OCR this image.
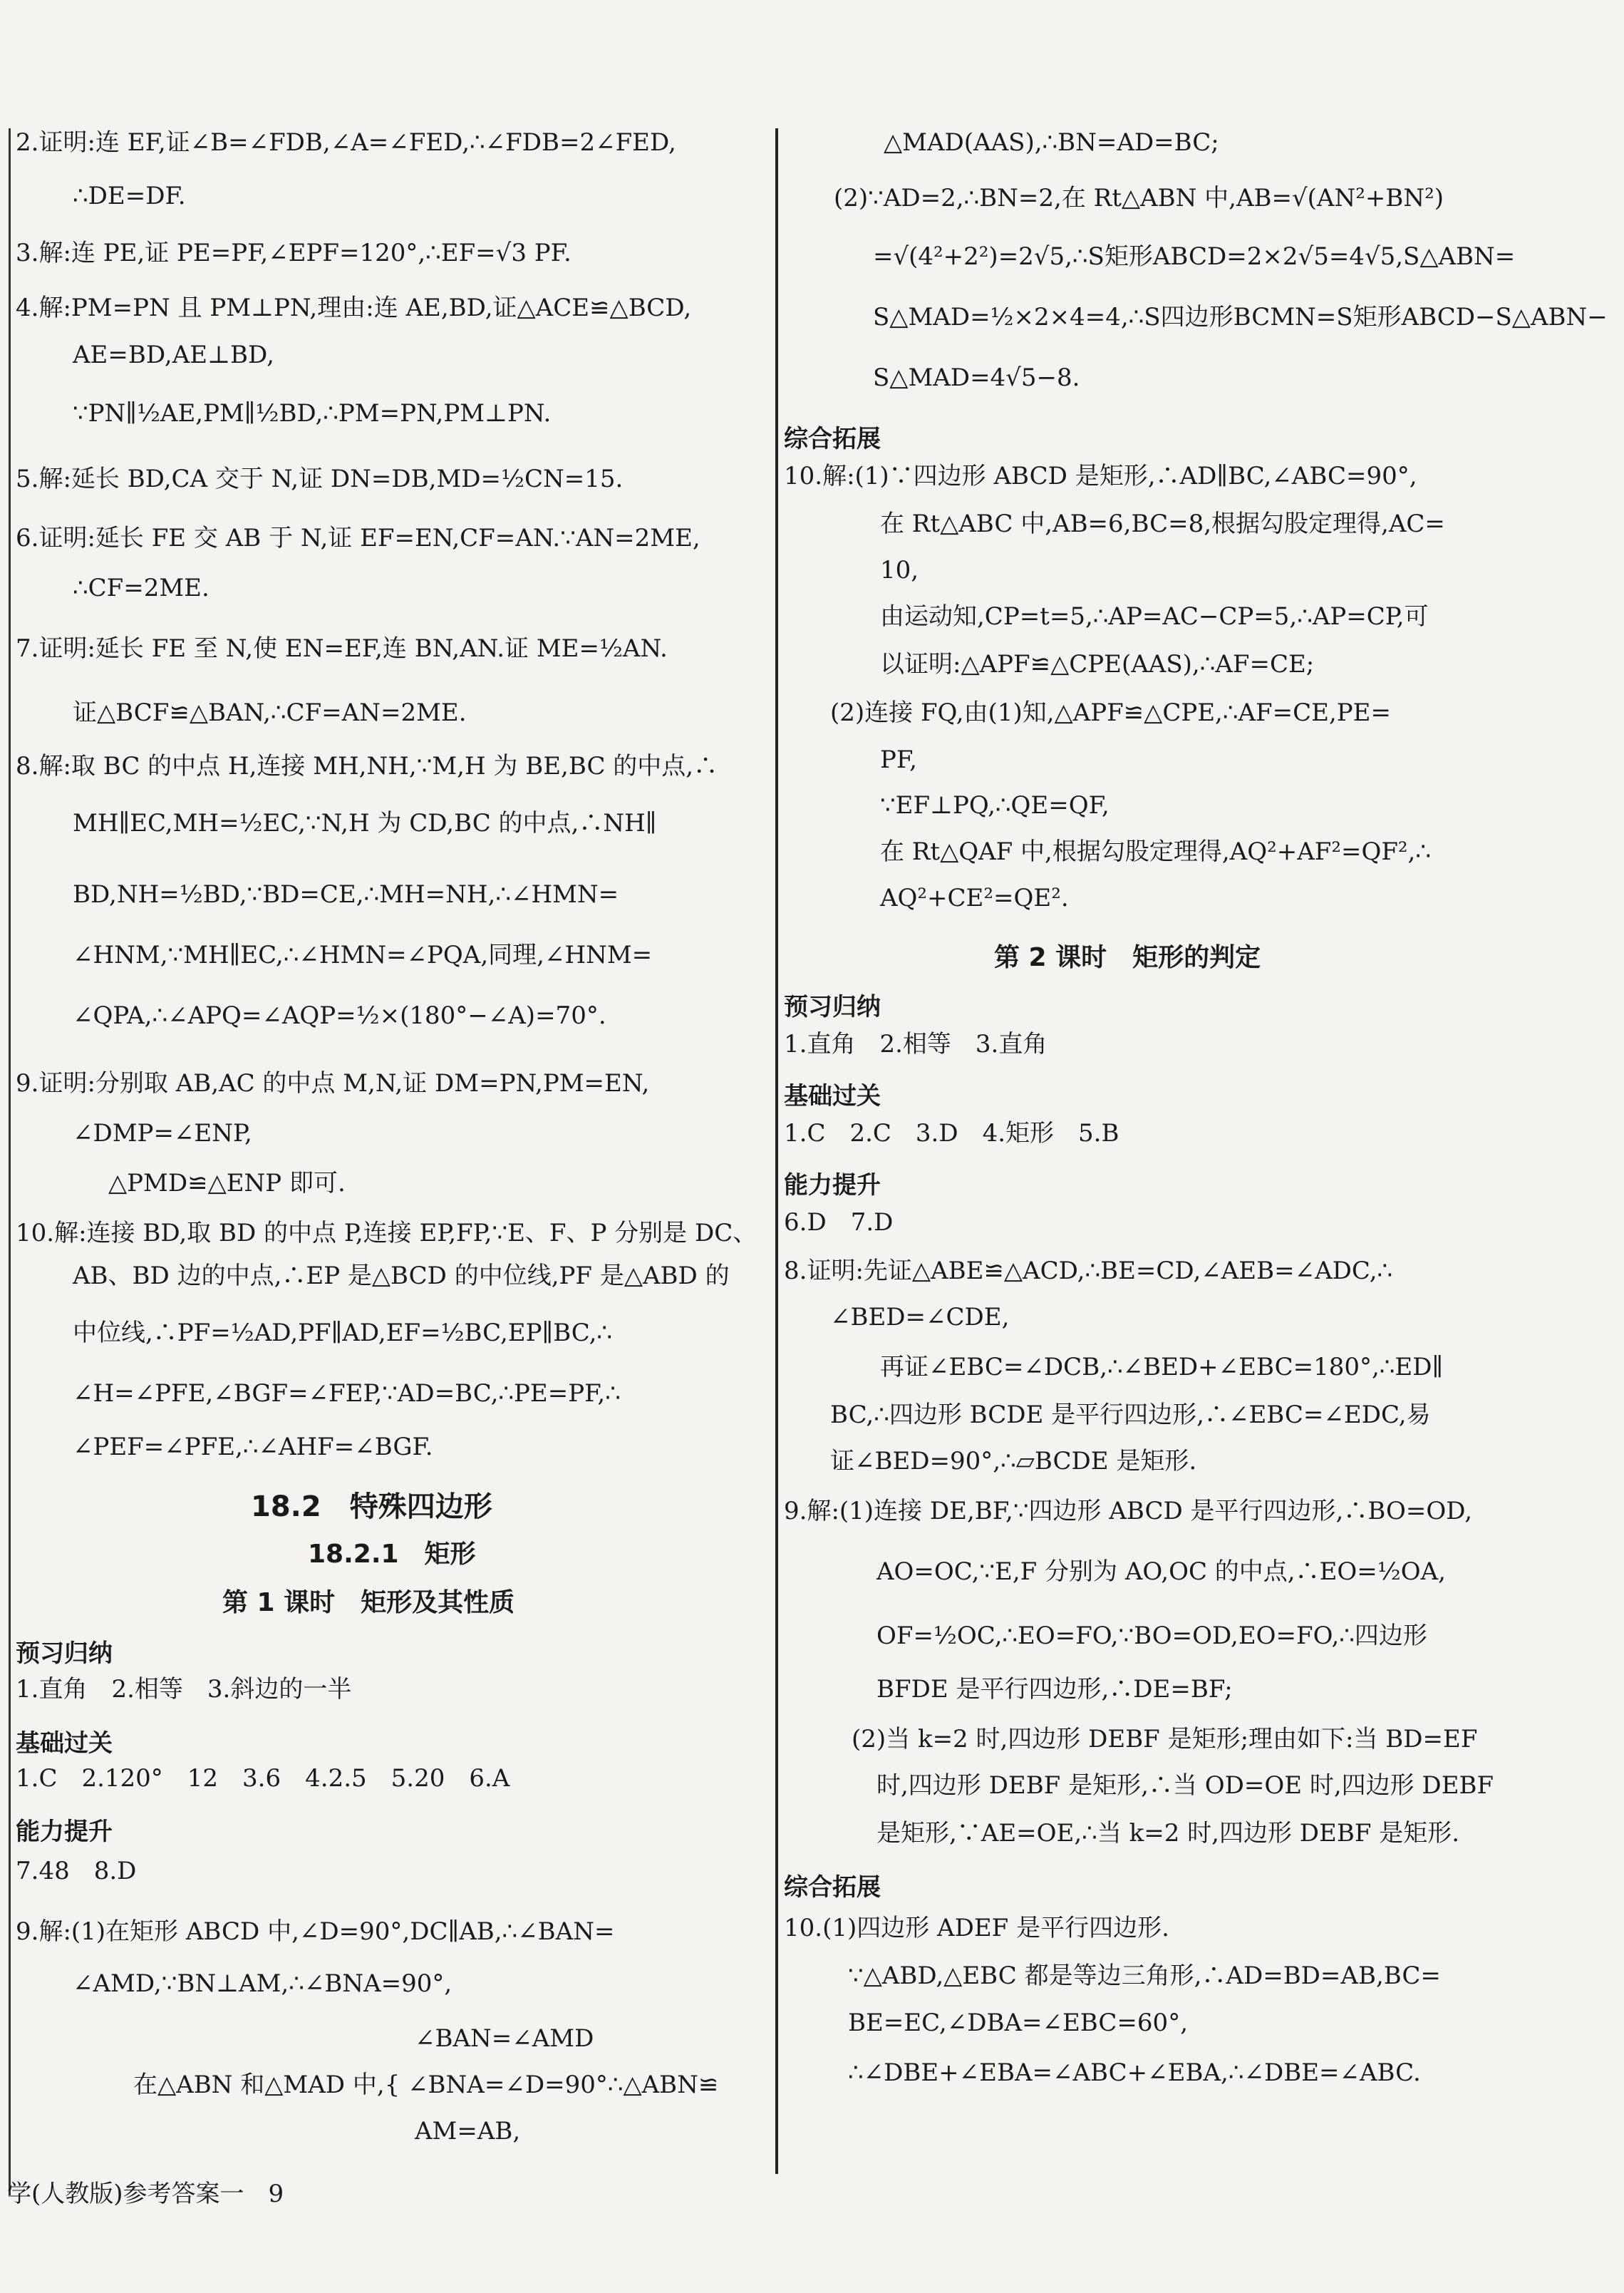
2.证明:连 EF,证∠B=∠FDB,∠A=∠FED,∴∠FDB=2∠FED,
∴DE=DF.
3.解:连 PE,证 PE=PF,∠EPF=120°,∴EF=√3 PF.
4.解:PM=PN 且 PM⊥PN,理由:连 AE,BD,证△ACE≌△BCD,
AE=BD,AE⊥BD,
∵PN∥½AE,PM∥½BD,∴PM=PN,PM⊥PN.
5.解:延长 BD,CA 交于 N,证 DN=DB,MD=½CN=15.
6.证明:延长 FE 交 AB 于 N,证 EF=EN,CF=AN.∵AN=2ME,
∴CF=2ME.
7.证明:延长 FE 至 N,使 EN=EF,连 BN,AN.证 ME=½AN.
证△BCF≌△BAN,∴CF=AN=2ME.
8.解:取 BC 的中点 H,连接 MH,NH,∵M,H 为 BE,BC 的中点,∴
MH∥EC,MH=½EC,∵N,H 为 CD,BC 的中点,∴NH∥
BD,NH=½BD,∵BD=CE,∴MH=NH,∴∠HMN=
∠HNM,∵MH∥EC,∴∠HMN=∠PQA,同理,∠HNM=
∠QPA,∴∠APQ=∠AQP=½×(180°−∠A)=70°.
9.证明:分别取 AB,AC 的中点 M,N,证 DM=PN,PM=EN,
∠DMP=∠ENP,
△PMD≌△ENP 即可.
10.解:连接 BD,取 BD 的中点 P,连接 EP,FP,∵E、F、P 分别是 DC、
AB、BD 边的中点,∴EP 是△BCD 的中位线,PF 是△ABD 的
中位线,∴PF=½AD,PF∥AD,EF=½BC,EP∥BC,∴
∠H=∠PFE,∠BGF=∠FEP,∵AD=BC,∴PE=PF,∴
∠PEF=∠PFE,∴∠AHF=∠BGF.
18.2　特殊四边形
18.2.1　矩形
第 1 课时　矩形及其性质
预习归纳
1.直角　2.相等　3.斜边的一半
基础过关
1.C　2.120°　12　3.6　4.2.5　5.20　6.A
能力提升
7.48　8.D
9.解:(1)在矩形 ABCD 中,∠D=90°,DC∥AB,∴∠BAN=
∠AMD,∵BN⊥AM,∴∠BNA=90°,
∠BAN=∠AMD
在△ABN 和△MAD 中,{ ∠BNA=∠D=90°∴△ABN≌
AM=AB,
△MAD(AAS),∴BN=AD=BC;
(2)∵AD=2,∴BN=2,在 Rt△ABN 中,AB=√(AN²+BN²)
=√(4²+2²)=2√5,∴S矩形ABCD=2×2√5=4√5,S△ABN=
S△MAD=½×2×4=4,∴S四边形BCMN=S矩形ABCD−S△ABN−
S△MAD=4√5−8.
综合拓展
10.解:(1)∵四边形 ABCD 是矩形,∴AD∥BC,∠ABC=90°,
在 Rt△ABC 中,AB=6,BC=8,根据勾股定理得,AC=
10,
由运动知,CP=t=5,∴AP=AC−CP=5,∴AP=CP,可
以证明:△APF≌△CPE(AAS),∴AF=CE;
(2)连接 FQ,由(1)知,△APF≌△CPE,∴AF=CE,PE=
PF,
∵EF⊥PQ,∴QE=QF,
在 Rt△QAF 中,根据勾股定理得,AQ²+AF²=QF²,∴
AQ²+CE²=QE².
第 2 课时　矩形的判定
预习归纳
1.直角　2.相等　3.直角
基础过关
1.C　2.C　3.D　4.矩形　5.B
能力提升
6.D　7.D
8.证明:先证△ABE≌△ACD,∴BE=CD,∠AEB=∠ADC,∴
∠BED=∠CDE,
再证∠EBC=∠DCB,∴∠BED+∠EBC=180°,∴ED∥
BC,∴四边形 BCDE 是平行四边形,∴∠EBC=∠EDC,易
证∠BED=90°,∴▱BCDE 是矩形.
9.解:(1)连接 DE,BF,∵四边形 ABCD 是平行四边形,∴BO=OD,
AO=OC,∵E,F 分别为 AO,OC 的中点,∴EO=½OA,
OF=½OC,∴EO=FO,∵BO=OD,EO=FO,∴四边形
BFDE 是平行四边形,∴DE=BF;
(2)当 k=2 时,四边形 DEBF 是矩形;理由如下:当 BD=EF
时,四边形 DEBF 是矩形,∴当 OD=OE 时,四边形 DEBF
是矩形,∵AE=OE,∴当 k=2 时,四边形 DEBF 是矩形.
综合拓展
10.(1)四边形 ADEF 是平行四边形.
∵△ABD,△EBC 都是等边三角形,∴AD=BD=AB,BC=
BE=EC,∠DBA=∠EBC=60°,
∴∠DBE+∠EBA=∠ABC+∠EBA,∴∠DBE=∠ABC.
学(人教版)参考答案一　9
